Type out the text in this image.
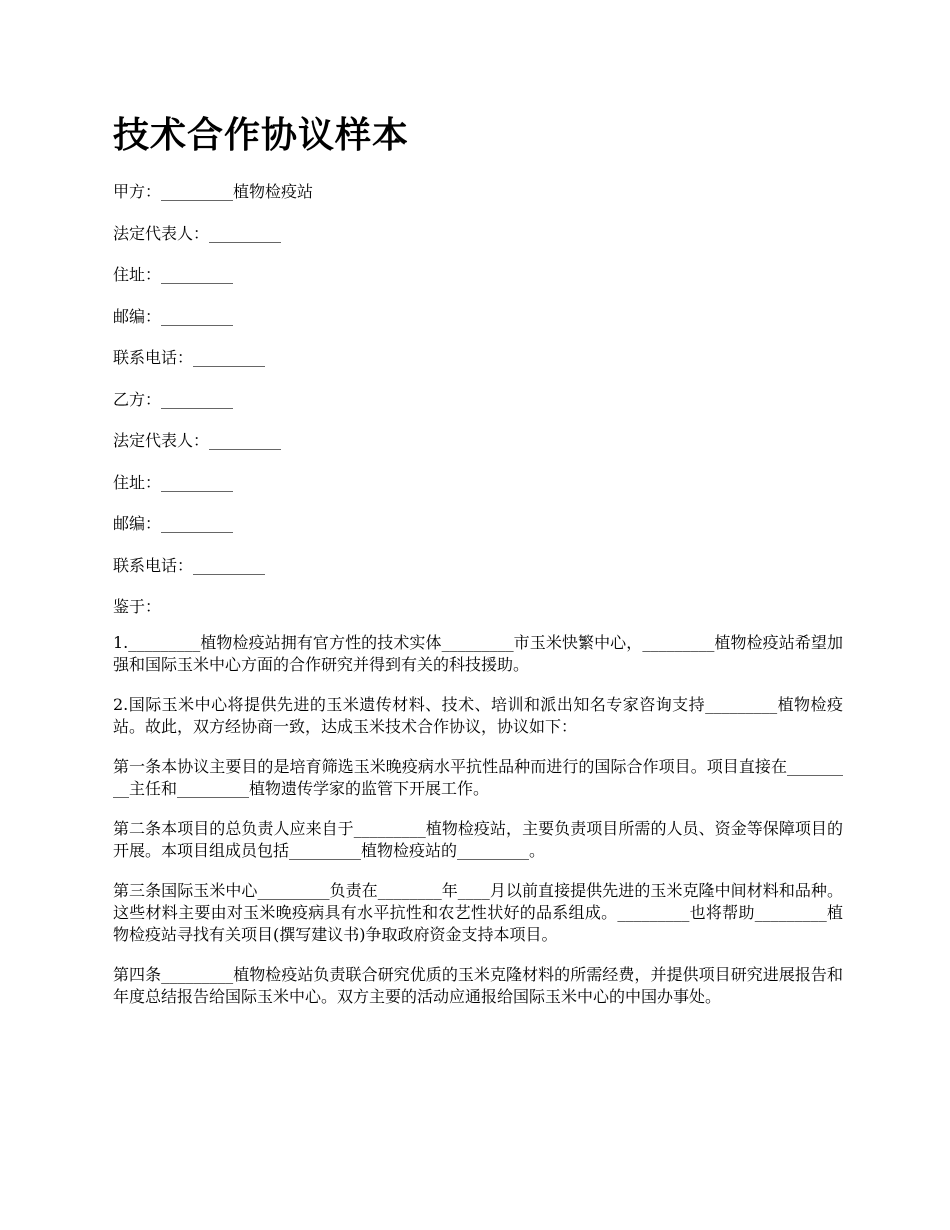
技术合作协议样本
甲方：_________植物检疫站
法定代表人：_________
住址：_________
邮编：_________
联系电话：_________
乙方：_________
法定代表人：_________
住址：_________
邮编：_________
联系电话：_________
鉴于：

1._________植物检疫站拥有官方性的技术实体_________市玉米快繁中心，_________植物检疫站希望加强和国际玉米中心方面的合作研究并得到有关的科技援助。

2.国际玉米中心将提供先进的玉米遗传材料、技术、培训和派出知名专家咨询支持_________植物检疫站。故此，双方经协商一致，达成玉米技术合作协议，协议如下：

第一条本协议主要目的是培育筛选玉米晚疫病水平抗性品种而进行的国际合作项目。项目直接在_________主任和_________植物遗传学家的监管下开展工作。

第二条本项目的总负责人应来自于_________植物检疫站，主要负责项目所需的人员、资金等保障项目的开展。本项目组成员包括_________植物检疫站的_________。

第三条国际玉米中心_________负责在________年____月以前直接提供先进的玉米克隆中间材料和品种。这些材料主要由对玉米晚疫病具有水平抗性和农艺性状好的品系组成。_________也将帮助_________植物检疫站寻找有关项目(撰写建议书)争取政府资金支持本项目。

第四条_________植物检疫站负责联合研究优质的玉米克隆材料的所需经费，并提供项目研究进展报告和年度总结报告给国际玉米中心。双方主要的活动应通报给国际玉米中心的中国办事处。
